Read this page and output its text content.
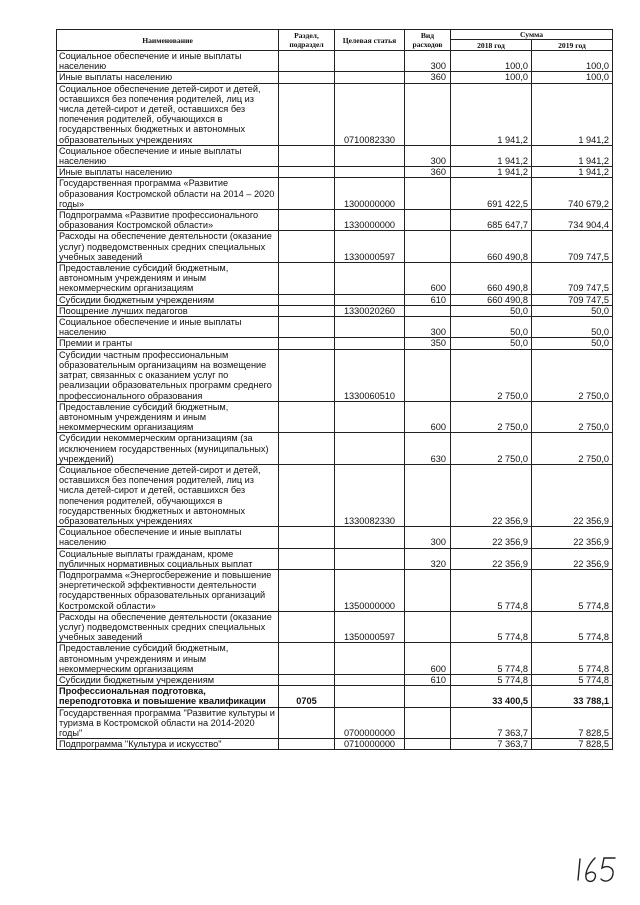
Наименование	Раздел, подраздел	Целевая статья	Вид расходов	Сумма	
				2018 год	2019 год
Социальное обеспечение и иные выплаты населению			300	100,0	100,0
Иные выплаты населению			360	100,0	100,0
Социальное обеспечение детей-сирот и детей, оставшихся без попечения родителей, лиц из числа детей-сирот и детей, оставшихся без попечения родителей, обучающихся в государственных бюджетных и автономных образовательных учреждениях		0710082330		1 941,2	1 941,2
Социальное обеспечение и иные выплаты населению			300	1 941,2	1 941,2
Иные выплаты населению			360	1 941,2	1 941,2
Государственная программа «Развитие образования Костромской области на 2014 – 2020 годы»		1300000000		691 422,5	740 679,2
Подпрограмма «Развитие профессионального образования Костромской области»		1330000000		685 647,7	734 904,4
Расходы на обеспечение деятельности (оказание услуг) подведомственных средних специальных учебных заведений		1330000597		660 490,8	709 747,5
Предоставление субсидий бюджетным, автономным учреждениям и иным некоммерческим организациям			600	660 490,8	709 747,5
Субсидии бюджетным учреждениям			610	660 490,8	709 747,5
Поощрение лучших педагогов		1330020260		50,0	50,0
Социальное обеспечение и иные выплаты населению			300	50,0	50,0
Премии и гранты			350	50,0	50,0
Субсидии частным профессиональным образовательным организациям на возмещение затрат, связанных с оказанием услуг по реализации образовательных программ среднего профессионального образования		1330060510		2 750,0	2 750,0
Предоставление субсидий бюджетным, автономным учреждениям и иным некоммерческим организациям			600	2 750,0	2 750,0
Субсидии некоммерческим организациям (за исключением государственных (муниципальных) учреждений)			630	2 750,0	2 750,0
Социальное обеспечение детей-сирот и детей, оставшихся без попечения родителей, лиц из числа детей-сирот и детей, оставшихся без попечения родителей, обучающихся в государственных бюджетных и автономных образовательных учреждениях		1330082330		22 356,9	22 356,9
Социальное обеспечение и иные выплаты населению			300	22 356,9	22 356,9
Социальные выплаты гражданам, кроме публичных нормативных социальных выплат			320	22 356,9	22 356,9
Подпрограмма «Энергосбережение и повышение энергетической эффективности деятельности государственных образовательных организаций Костромской области»		1350000000		5 774,8	5 774,8
Расходы на обеспечение деятельности (оказание услуг) подведомственных средних специальных учебных заведений		1350000597		5 774,8	5 774,8
Предоставление субсидий бюджетным, автономным учреждениям и иным некоммерческим организациям			600	5 774,8	5 774,8
Субсидии бюджетным учреждениям			610	5 774,8	5 774,8
Профессиональная подготовка, переподготовка и повышение квалификации	0705			33 400,5	33 788,1
Государственная программа "Развитие культуры и туризма в Костромской области на 2014-2020 годы"		0700000000		7 363,7	7 828,5
Подпрограмма "Культура и искусство"		0710000000		7 363,7	7 828,5
